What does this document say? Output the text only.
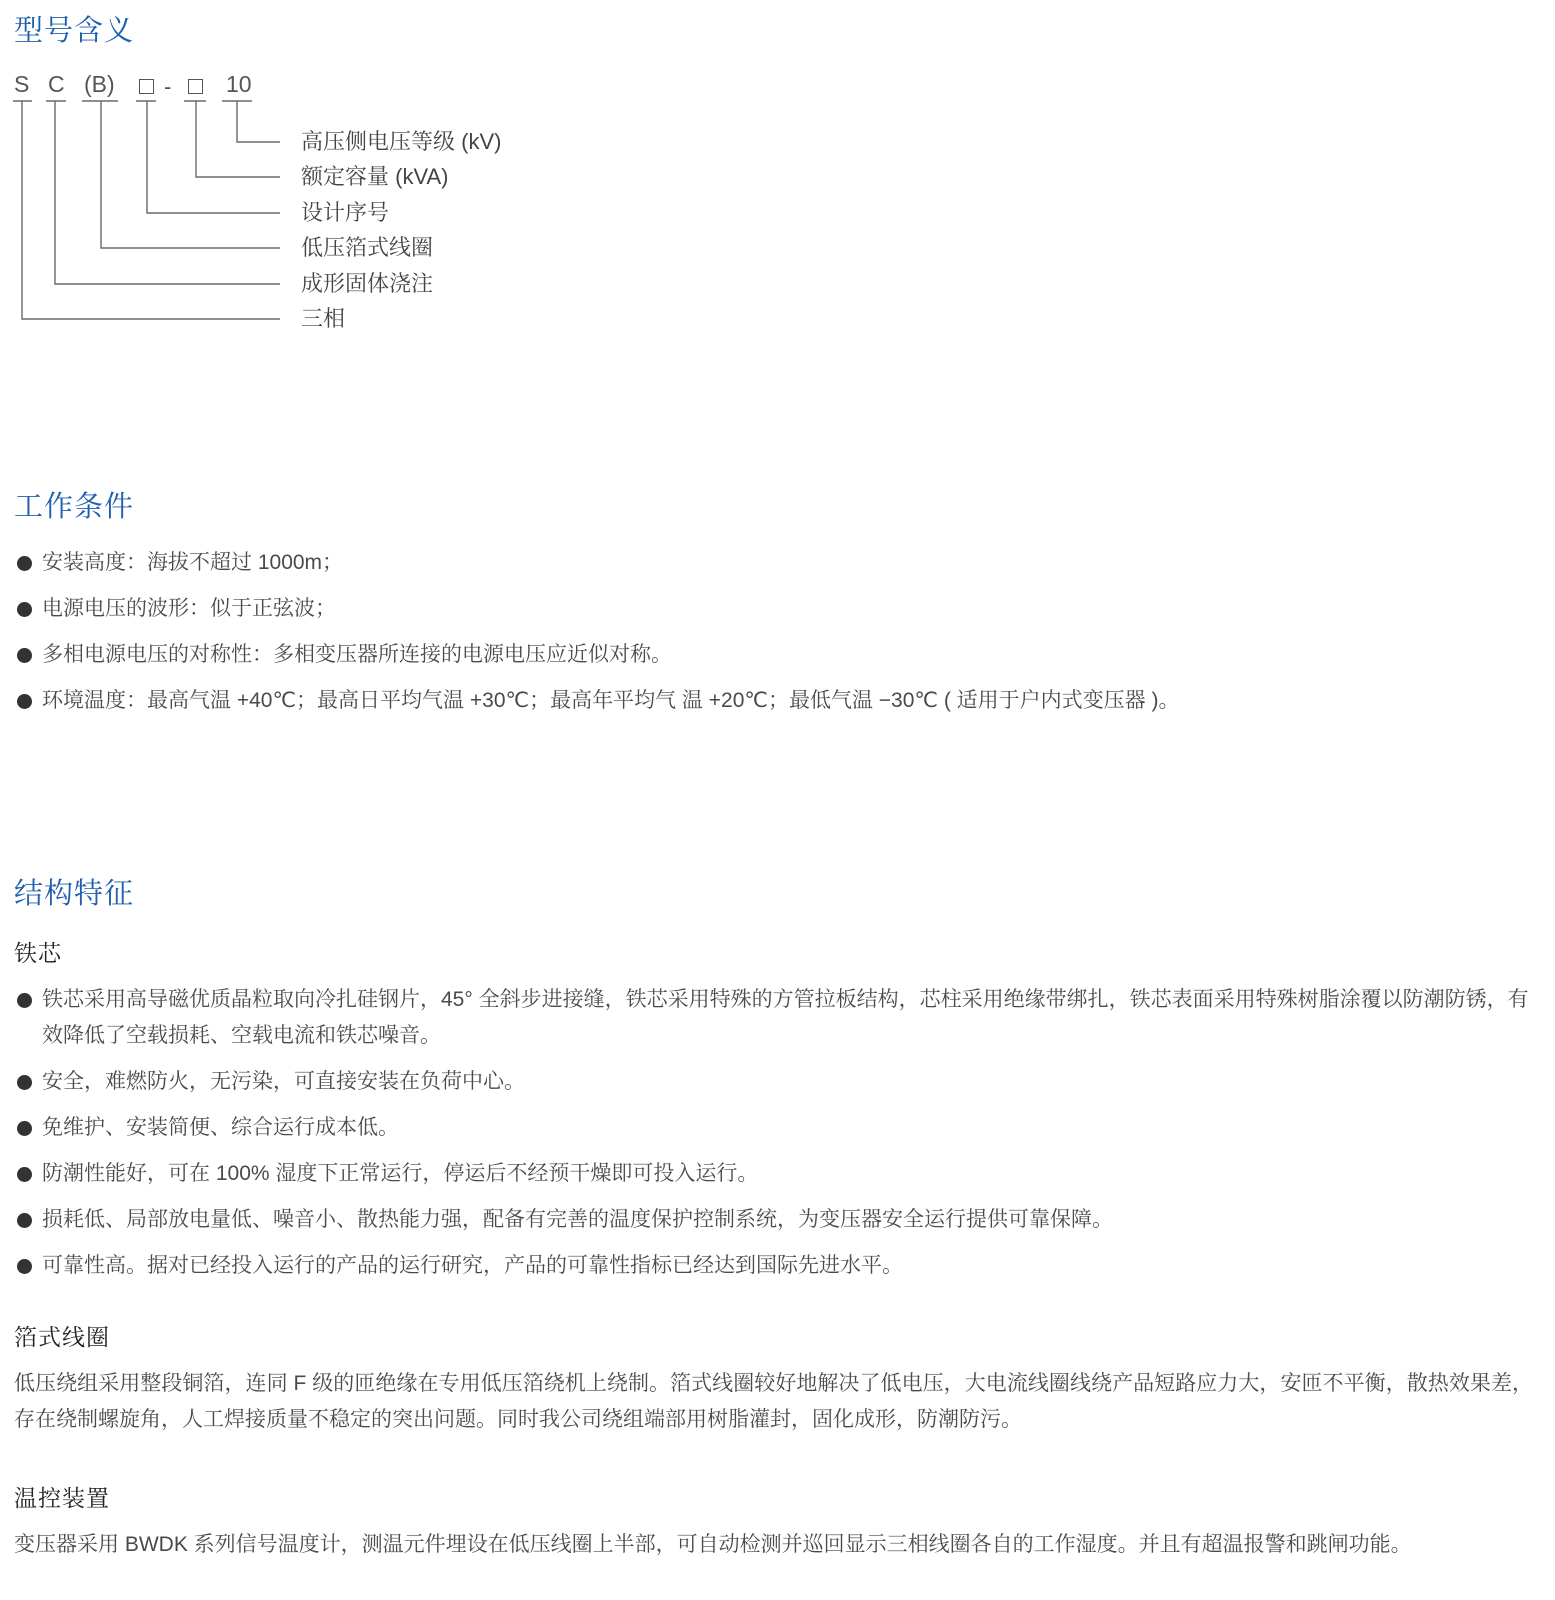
型号含义
S C (B) - 10
高压侧电压等级 (kV)
额定容量 (kVA)
设计序号
低压箔式线圈
成形固体浇注
三相
工作条件
安装高度：海拔不超过 1000m；
电源电压的波形：似于正弦波；
多相电源电压的对称性：多相变压器所连接的电源电压应近似对称。
环境温度：最高气温 +40℃；最高日平均气温 +30℃；最高年平均气 温 +20℃；最低气温 −30℃ ( 适用于户内式变压器 )。
结构特征
铁芯
铁芯采用高导磁优质晶粒取向冷扎硅钢片，45° 全斜步进接缝，铁芯采用特殊的方管拉板结构，芯柱采用绝缘带绑扎，铁芯表面采用特殊树脂涂覆以防潮防锈，有效降低了空载损耗、空载电流和铁芯噪音。
安全，难燃防火，无污染，可直接安装在负荷中心。
免维护、安装简便、综合运行成本低。
防潮性能好，可在 100% 湿度下正常运行，停运后不经预干燥即可投入运行。
损耗低、局部放电量低、噪音小、散热能力强，配备有完善的温度保护控制系统，为变压器安全运行提供可靠保障。
可靠性高。据对已经投入运行的产品的运行研究，产品的可靠性指标已经达到国际先进水平。
箔式线圈

低压绕组采用整段铜箔，连同 F 级的匝绝缘在专用低压箔绕机上绕制。箔式线圈较好地解决了低电压，大电流线圈线绕产品短路应力大，安匝不平衡，散热效果差，存在绕制螺旋角，人工焊接质量不稳定的突出问题。同时我公司绕组端部用树脂灌封，固化成形，防潮防污。

温控装置

变压器采用 BWDK 系列信号温度计，测温元件埋设在低压线圈上半部，可自动检测并巡回显示三相线圈各自的工作湿度。并且有超温报警和跳闸功能。
